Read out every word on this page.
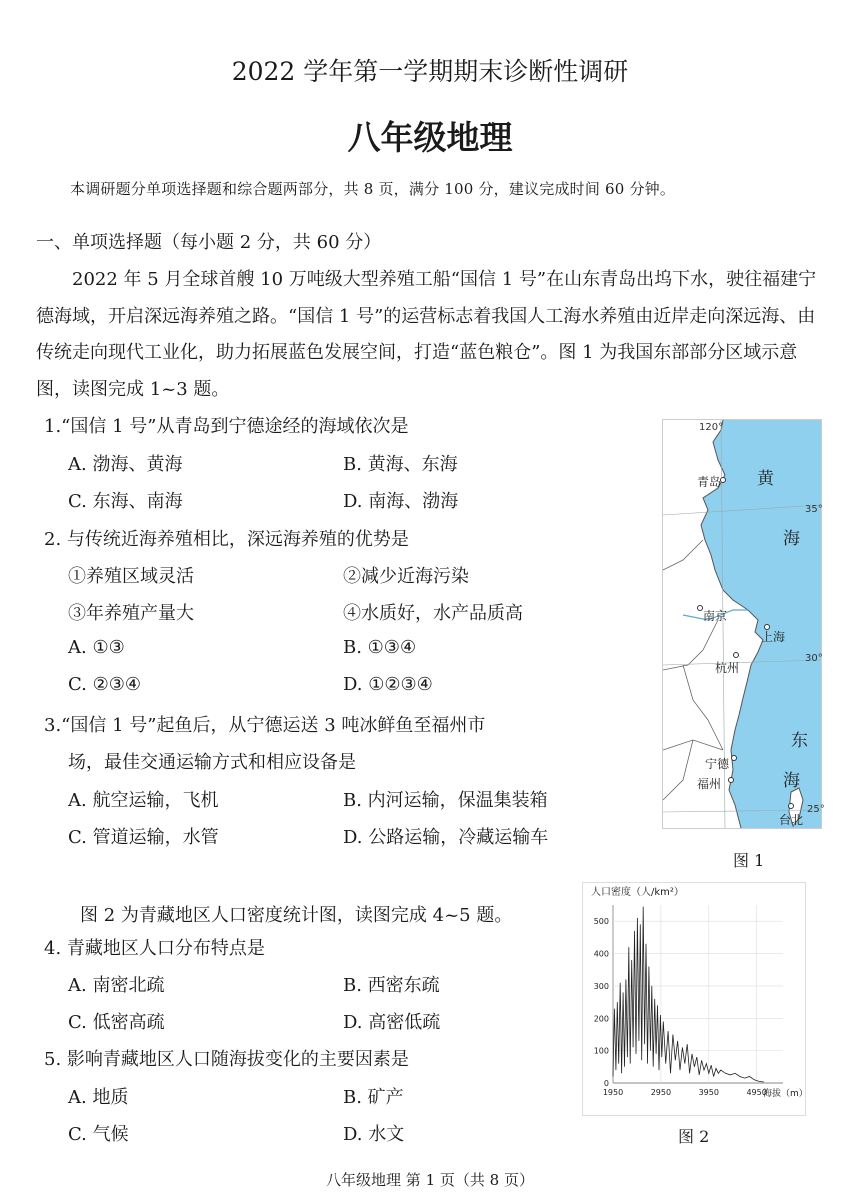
2022 学年第一学期期末诊断性调研
八年级地理
本调研题分单项选择题和综合题两部分，共 8 页，满分 100 分，建议完成时间 60 分钟。
一、单项选择题（每小题 2 分，共 60 分）
2022 年 5 月全球首艘 10 万吨级大型养殖工船“国信 1 号”在山东青岛出坞下水，驶往福建宁德海域，开启深远海养殖之路。“国信 1 号”的运营标志着我国人工海水养殖由近岸走向深远海、由传统走向现代工业化，助力拓展蓝色发展空间，打造“蓝色粮仓”。图 1 为我国东部部分区域示意图，读图完成 1~3 题。
1.“国信 1 号”从青岛到宁德途经的海域依次是
A. 渤海、黄海	B. 黄海、东海
C. 东海、南海	D. 南海、渤海
2. 与传统近海养殖相比，深远海养殖的优势是
①养殖区域灵活	②减少近海污染
③年养殖产量大	④水质好，水产品质高
A. ①③	B. ①③④
C. ②③④	D. ①②③④
3.“国信 1 号”起鱼后，从宁德运送 3 吨冰鲜鱼至福州市
场，最佳交通运输方式和相应设备是
A. 航空运输，飞机	B. 内河运输，保温集装箱
C. 管道运输，水管	D. 公路运输，冷藏运输车
120°
35°
30°
25°
青岛
南京
上海
杭州
宁德
福州
台北
黄
海
东
海
图 1
图 2 为青藏地区人口密度统计图，读图完成 4~5 题。
4. 青藏地区人口分布特点是
A. 南密北疏	B. 西密东疏
C. 低密高疏	D. 高密低疏
5. 影响青藏地区人口随海拔变化的主要因素是
A. 地质	B. 矿产
C. 气候	D. 水文
人口密度（人/km²）
海拔（m）
0
100
200
300
400
500
1950	2950	3950	4950
图 2
八年级地理 第 1 页（共 8 页）
